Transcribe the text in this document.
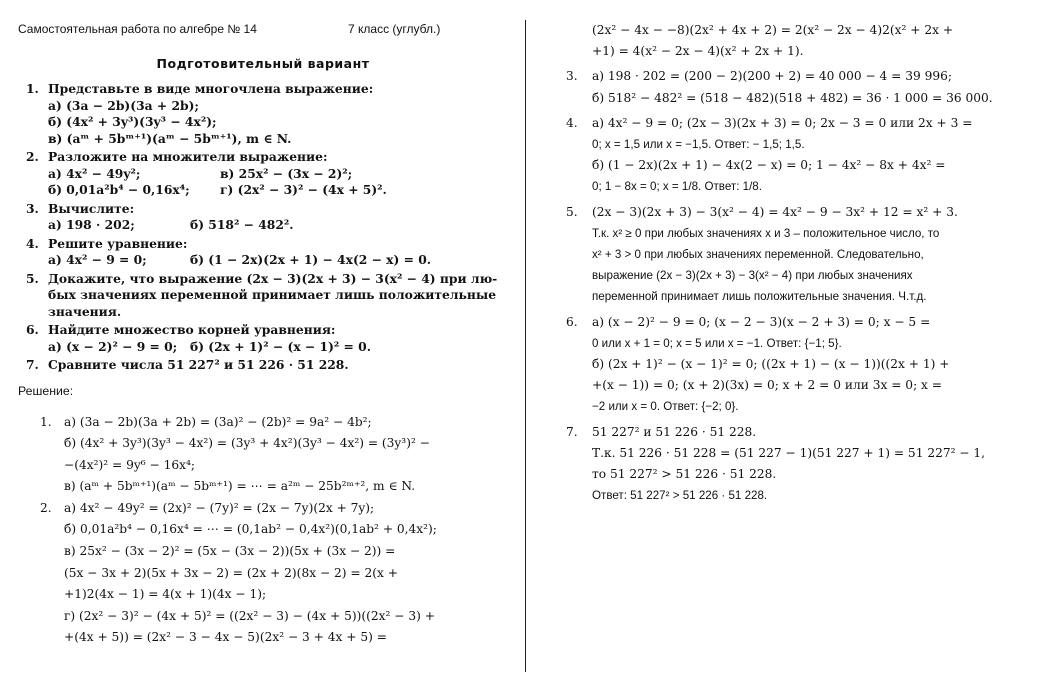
Самостоятельная работа по алгебре № 14	7 класс (углубл.)
Подготовительный вариант
1. Представьте в виде многочлена выражение:
а) (3a − 2b)(3a + 2b);
б) (4x² + 3y³)(3y³ − 4x²);
в) (aᵐ + 5bᵐ⁺¹)(aᵐ − 5bᵐ⁺¹), m ∈ N.
2. Разложите на множители выражение:
а) 4x² − 49y²;	в) 25x² − (3x − 2)²;
б) 0,01a²b⁴ − 0,16x⁴;	г) (2x² − 3)² − (4x + 5)².
3. Вычислите:
а) 198 · 202;	б) 518² − 482².
4. Решите уравнение:
а) 4x² − 9 = 0;	б) (1 − 2x)(2x + 1) − 4x(2 − x) = 0.
5. Докажите, что выражение (2x − 3)(2x + 3) − 3(x² − 4) при лю-
бых значениях переменной принимает лишь положительные
значения.
6. Найдите множество корней уравнения:
а) (x − 2)² − 9 = 0;	б) (2x + 1)² − (x − 1)² = 0.
7. Сравните числа 51 227² и 51 226 · 51 228.
Решение:
1.	а) (3a − 2b)(3a + 2b) = (3a)² − (2b)² = 9a² − 4b²;
б) (4x² + 3y³)(3y³ − 4x²) = (3y³ + 4x²)(3y³ − 4x²) = (3y³)² −
−(4x²)² = 9y⁶ − 16x⁴;
в) (aᵐ + 5bᵐ⁺¹)(aᵐ − 5bᵐ⁺¹) = ⋯ = a²ᵐ − 25b²ᵐ⁺², m ∈ N.
2.	а) 4x² − 49y² = (2x)² − (7y)² = (2x − 7y)(2x + 7y);
б) 0,01a²b⁴ − 0,16x⁴ = ⋯ = (0,1ab² − 0,4x²)(0,1ab² + 0,4x²);
в) 25x² − (3x − 2)² = (5x − (3x − 2))(5x + (3x − 2)) =
(5x − 3x + 2)(5x + 3x − 2) = (2x + 2)(8x − 2) = 2(x +
+1)2(4x − 1) = 4(x + 1)(4x − 1);
г) (2x² − 3)² − (4x + 5)² = ((2x² − 3) − (4x + 5))((2x² − 3) +
+(4x + 5)) = (2x² − 3 − 4x − 5)(2x² − 3 + 4x + 5) =
(2x² − 4x − −8)(2x² + 4x + 2) = 2(x² − 2x − 4)2(x² + 2x +
+1) = 4(x² − 2x − 4)(x² + 2x + 1).
3.	а) 198 · 202 = (200 − 2)(200 + 2) = 40 000 − 4 = 39 996;
б) 518² − 482² = (518 − 482)(518 + 482) = 36 · 1 000 = 36 000.
4.	а) 4x² − 9 = 0; (2x − 3)(2x + 3) = 0; 2x − 3 = 0 или 2x + 3 =
0; x = 1,5 или x = −1,5. Ответ: − 1,5; 1,5.
б) (1 − 2x)(2x + 1) − 4x(2 − x) = 0; 1 − 4x² − 8x + 4x² =
0; 1 − 8x = 0; x = 1/8. Ответ: 1/8.
5.	(2x − 3)(2x + 3) − 3(x² − 4) = 4x² − 9 − 3x² + 12 = x² + 3.
Т.к. x² ≥ 0 при любых значениях x и 3 – положительное число, то
x² + 3 > 0 при любых значениях переменной. Следовательно,
выражение (2x − 3)(2x + 3) − 3(x² − 4) при любых значениях
переменной принимает лишь положительные значения. Ч.т.д.
6.	а) (x − 2)² − 9 = 0; (x − 2 − 3)(x − 2 + 3) = 0; x − 5 =
0 или x + 1 = 0; x = 5 или x = −1. Ответ: {−1; 5}.
б) (2x + 1)² − (x − 1)² = 0; ((2x + 1) − (x − 1))((2x + 1) +
+(x − 1)) = 0; (x + 2)(3x) = 0; x + 2 = 0 или 3x = 0; x =
−2 или x = 0. Ответ: {−2; 0}.
7.	51 227² и 51 226 · 51 228.
Т.к. 51 226 · 51 228 = (51 227 − 1)(51 227 + 1) = 51 227² − 1,
то 51 227² > 51 226 · 51 228.
Ответ: 51 227² > 51 226 · 51 228.
